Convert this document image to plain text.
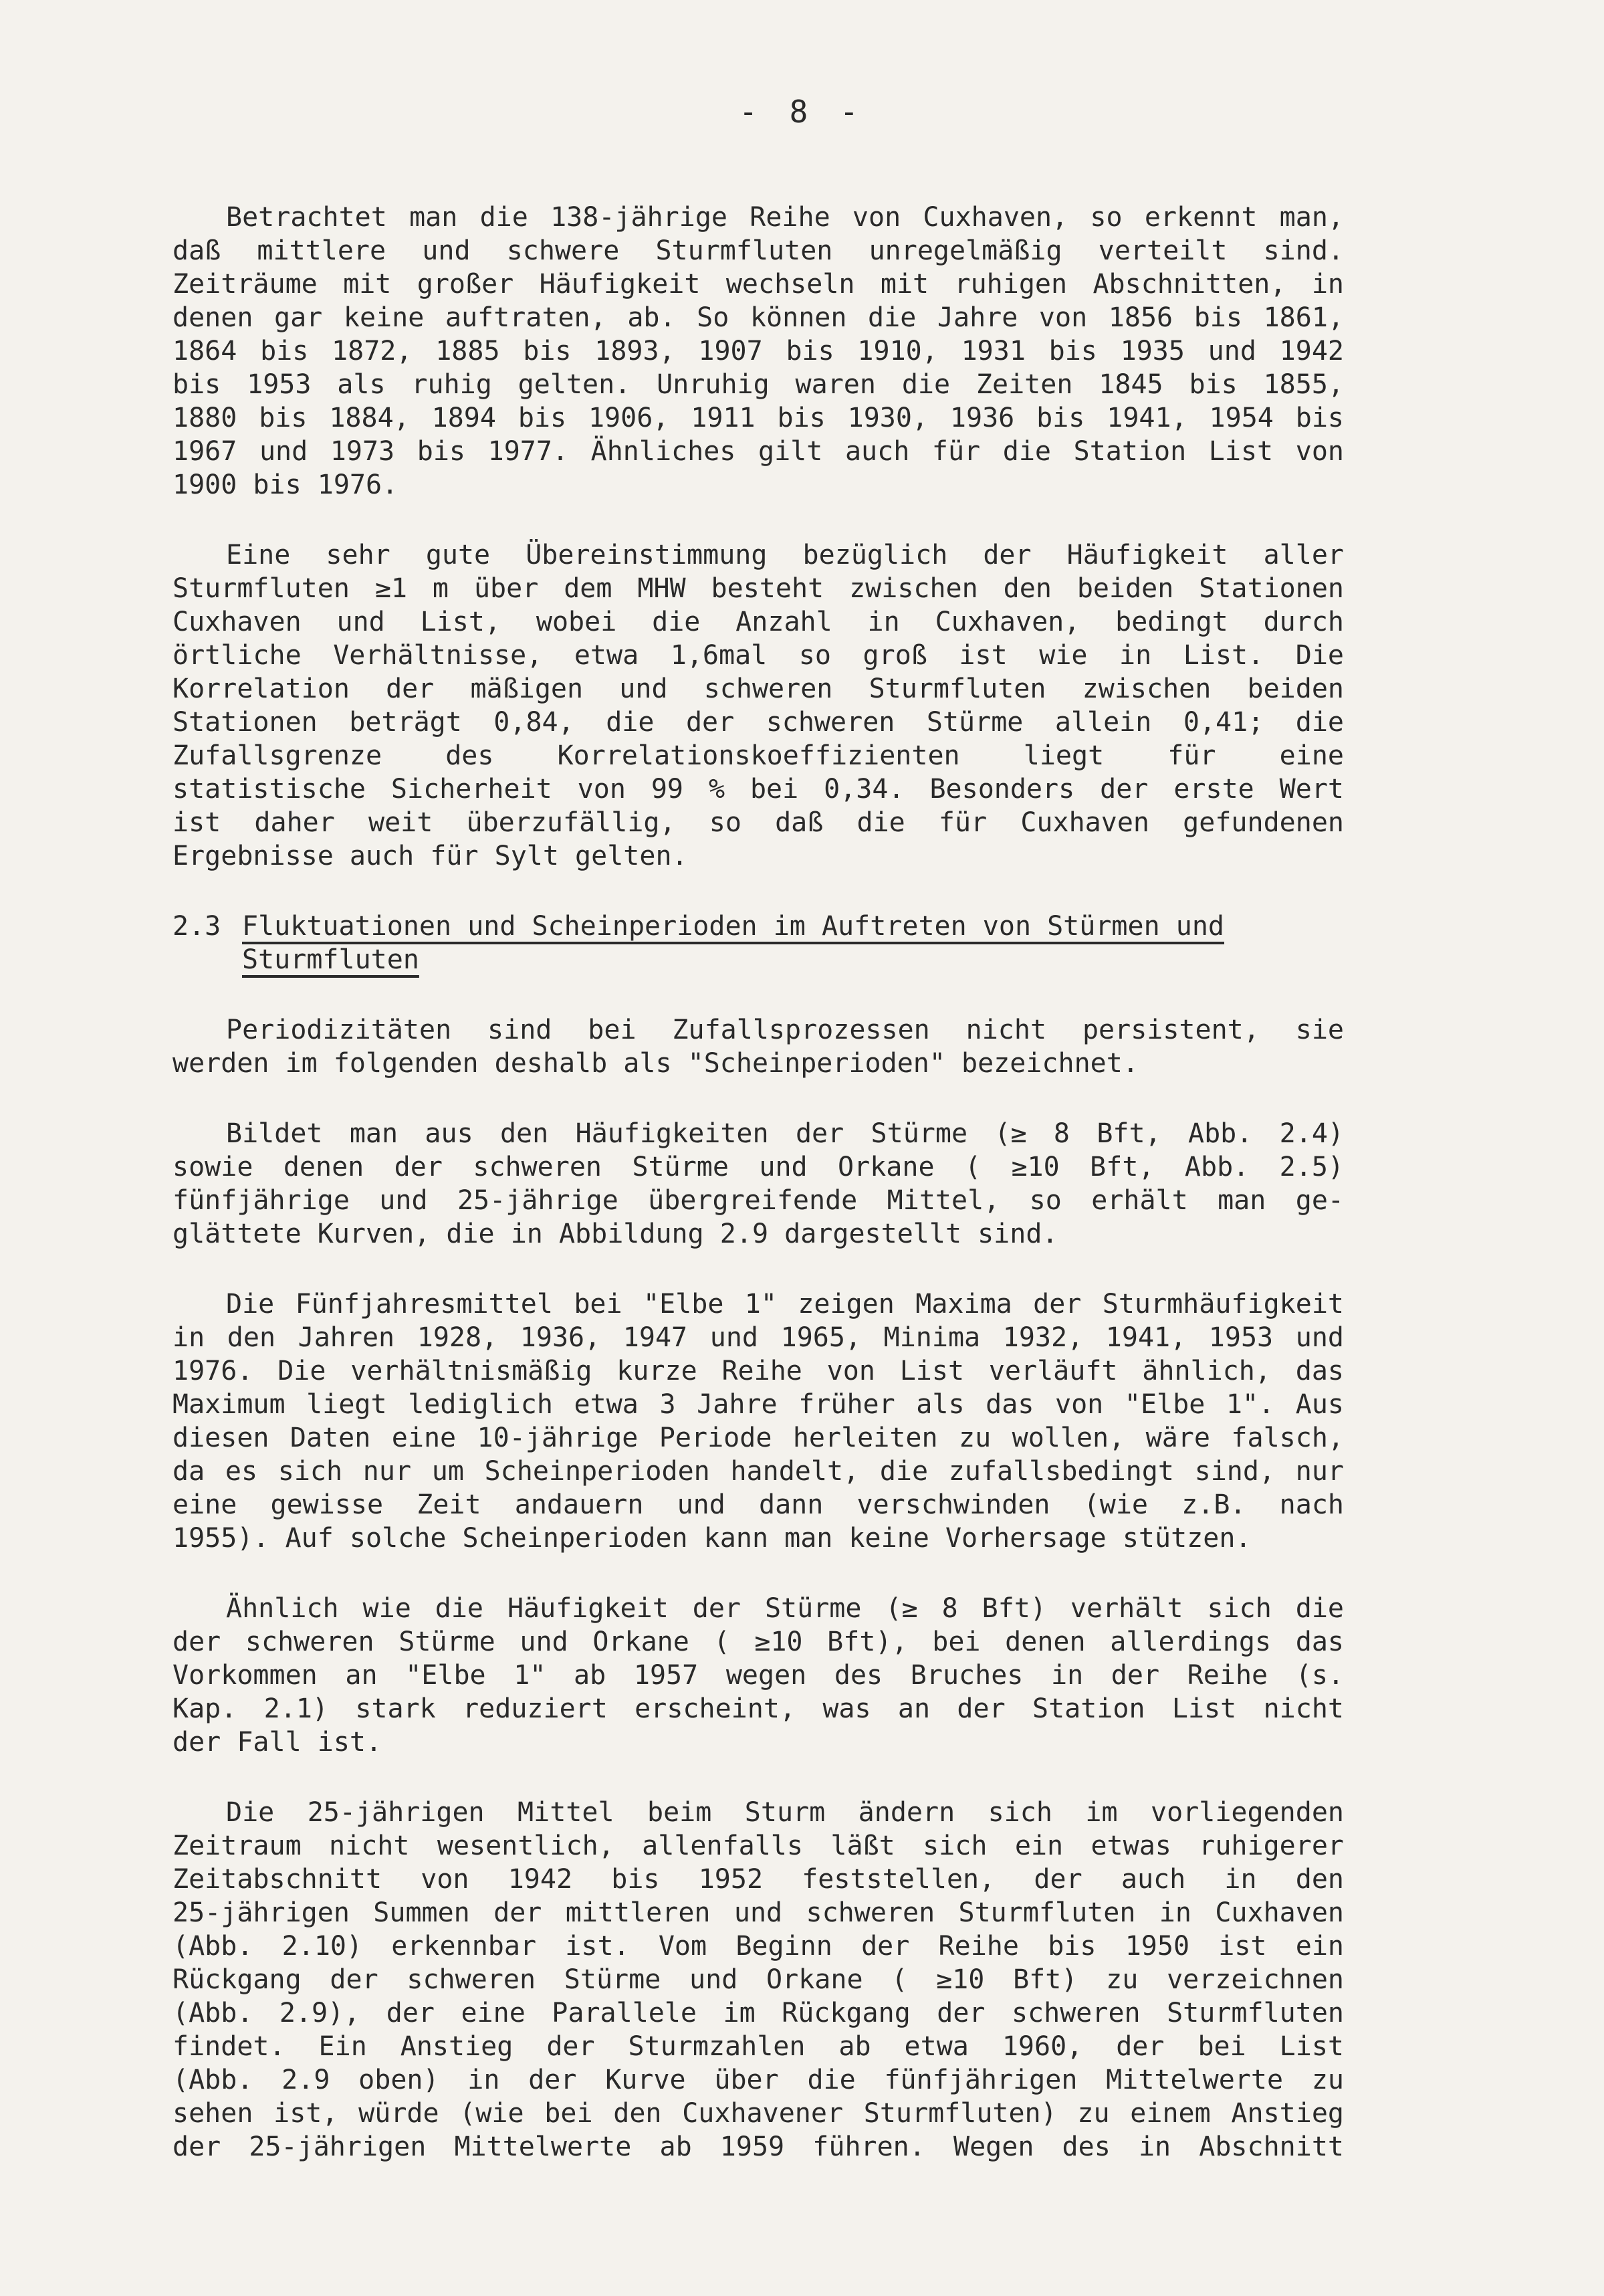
- 8 -
Betrachtet man die 138-jährige Reihe von Cuxhaven, so erkennt man,
daß mittlere und schwere Sturmfluten unregelmäßig verteilt sind.
Zeiträume mit großer Häufigkeit wechseln mit ruhigen Abschnitten, in
denen gar keine auftraten, ab. So können die Jahre von 1856 bis 1861,
1864 bis 1872, 1885 bis 1893, 1907 bis 1910, 1931 bis 1935 und 1942
bis 1953 als ruhig gelten. Unruhig waren die Zeiten 1845 bis 1855,
1880 bis 1884, 1894 bis 1906, 1911 bis 1930, 1936 bis 1941, 1954 bis
1967 und 1973 bis 1977. Ähnliches gilt auch für die Station List von
1900 bis 1976.
Eine sehr gute Übereinstimmung bezüglich der Häufigkeit aller
Sturmfluten ≥1 m über dem MHW besteht zwischen den beiden Stationen
Cuxhaven und List, wobei die Anzahl in Cuxhaven, bedingt durch
örtliche Verhältnisse, etwa 1,6mal so groß ist wie in List. Die
Korrelation der mäßigen und schweren Sturmfluten zwischen beiden
Stationen beträgt 0,84, die der schweren Stürme allein 0,41; die
Zufallsgrenze des Korrelationskoeffizienten liegt für eine
statistische Sicherheit von 99 % bei 0,34. Besonders der erste Wert
ist daher weit überzufällig, so daß die für Cuxhaven gefundenen
Ergebnisse auch für Sylt gelten.
2.3 Fluktuationen und Scheinperioden im Auftreten von Stürmen und
Sturmfluten
Periodizitäten sind bei Zufallsprozessen nicht persistent, sie
werden im folgenden deshalb als "Scheinperioden" bezeichnet.
Bildet man aus den Häufigkeiten der Stürme (≥ 8 Bft, Abb. 2.4)
sowie denen der schweren Stürme und Orkane ( ≥10 Bft, Abb. 2.5)
fünfjährige und 25-jährige übergreifende Mittel, so erhält man ge-
glättete Kurven, die in Abbildung 2.9 dargestellt sind.
Die Fünfjahresmittel bei "Elbe 1" zeigen Maxima der Sturmhäufigkeit
in den Jahren 1928, 1936, 1947 und 1965, Minima 1932, 1941, 1953 und
1976. Die verhältnismäßig kurze Reihe von List verläuft ähnlich, das
Maximum liegt lediglich etwa 3 Jahre früher als das von "Elbe 1". Aus
diesen Daten eine 10-jährige Periode herleiten zu wollen, wäre falsch,
da es sich nur um Scheinperioden handelt, die zufallsbedingt sind, nur
eine gewisse Zeit andauern und dann verschwinden (wie z.B. nach
1955). Auf solche Scheinperioden kann man keine Vorhersage stützen.
Ähnlich wie die Häufigkeit der Stürme (≥ 8 Bft) verhält sich die
der schweren Stürme und Orkane ( ≥10 Bft), bei denen allerdings das
Vorkommen an "Elbe 1" ab 1957 wegen des Bruches in der Reihe (s.
Kap. 2.1) stark reduziert erscheint, was an der Station List nicht
der Fall ist.
Die 25-jährigen Mittel beim Sturm ändern sich im vorliegenden
Zeitraum nicht wesentlich, allenfalls läßt sich ein etwas ruhigerer
Zeitabschnitt von 1942 bis 1952 feststellen, der auch in den
25-jährigen Summen der mittleren und schweren Sturmfluten in Cuxhaven
(Abb. 2.10) erkennbar ist. Vom Beginn der Reihe bis 1950 ist ein
Rückgang der schweren Stürme und Orkane ( ≥10 Bft) zu verzeichnen
(Abb. 2.9), der eine Parallele im Rückgang der schweren Sturmfluten
findet. Ein Anstieg der Sturmzahlen ab etwa 1960, der bei List
(Abb. 2.9 oben) in der Kurve über die fünfjährigen Mittelwerte zu
sehen ist, würde (wie bei den Cuxhavener Sturmfluten) zu einem Anstieg
der 25-jährigen Mittelwerte ab 1959 führen. Wegen des in Abschnitt
